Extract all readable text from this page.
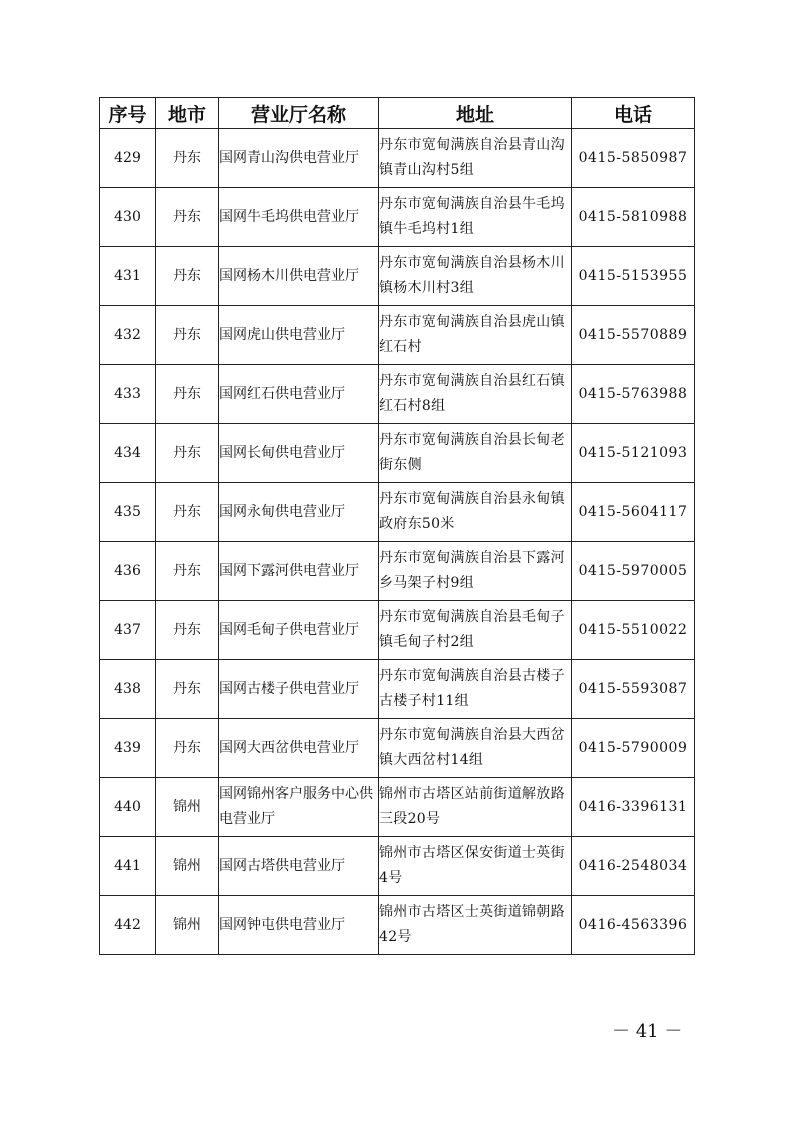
序号	地市	营业厅名称	地址	电话
429	丹东	国网青山沟供电营业厅	丹东市宽甸满族自治县青山沟镇青山沟村5组	0415-5850987
430	丹东	国网牛毛坞供电营业厅	丹东市宽甸满族自治县牛毛坞镇牛毛坞村1组	0415-5810988
431	丹东	国网杨木川供电营业厅	丹东市宽甸满族自治县杨木川镇杨木川村3组	0415-5153955
432	丹东	国网虎山供电营业厅	丹东市宽甸满族自治县虎山镇红石村	0415-5570889
433	丹东	国网红石供电营业厅	丹东市宽甸满族自治县红石镇红石村8组	0415-5763988
434	丹东	国网长甸供电营业厅	丹东市宽甸满族自治县长甸老街东侧	0415-5121093
435	丹东	国网永甸供电营业厅	丹东市宽甸满族自治县永甸镇政府东50米	0415-5604117
436	丹东	国网下露河供电营业厅	丹东市宽甸满族自治县下露河乡马架子村9组	0415-5970005
437	丹东	国网毛甸子供电营业厅	丹东市宽甸满族自治县毛甸子镇毛甸子村2组	0415-5510022
438	丹东	国网古楼子供电营业厅	丹东市宽甸满族自治县古楼子古楼子村11组	0415-5593087
439	丹东	国网大西岔供电营业厅	丹东市宽甸满族自治县大西岔镇大西岔村14组	0415-5790009
440	锦州	国网锦州客户服务中心供电营业厅	锦州市古塔区站前街道解放路三段20号	0416-3396131
441	锦州	国网古塔供电营业厅	锦州市古塔区保安街道士英街4号	0416-2548034
442	锦州	国网钟屯供电营业厅	锦州市古塔区士英街道锦朝路42号	0416-4563396
－ 41 －
